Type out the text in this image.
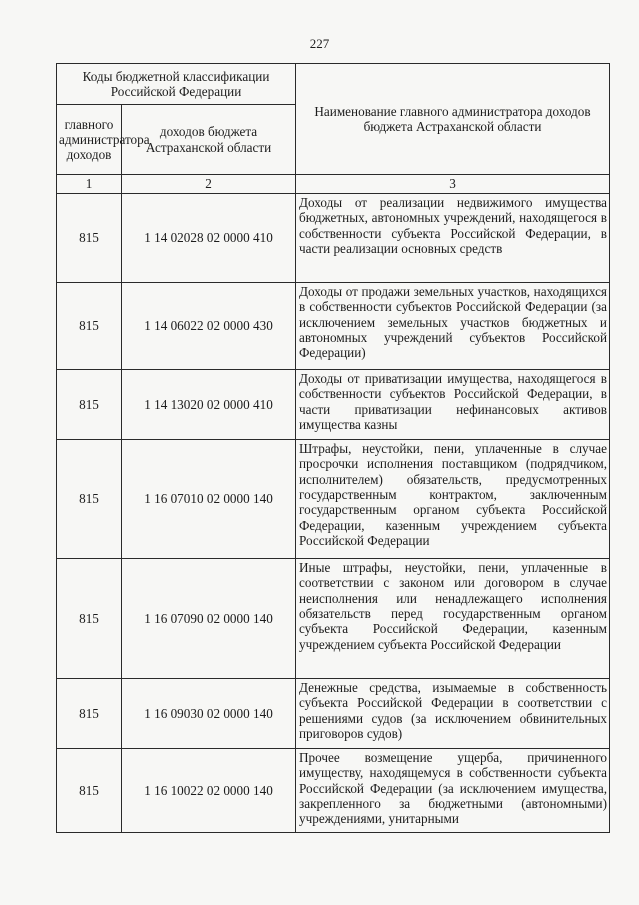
227
Коды бюджетной классификации Российской Федерации		Наименование главного администратора доходов бюджета Астраханской области
главного администратора доходов	доходов бюджета Астраханской области	
1	2	3
815	1 14 02028 02 0000 410	Доходы от реализации недвижимого имущества бюджетных, автономных учреждений, находящегося в собственности субъекта Российской Федерации, в части реализации основных средств
815	1 14 06022 02 0000 430	Доходы от продажи земельных участков, находящихся в собственности субъектов Российской Федерации (за исключением земельных участков бюджетных и автономных учреждений субъектов Российской Федерации)
815	1 14 13020 02 0000 410	Доходы от приватизации имущества, находящегося в собственности субъектов Российской Федерации, в части приватизации нефинансовых активов имущества казны
815	1 16 07010 02 0000 140	Штрафы, неустойки, пени, уплаченные в случае просрочки исполнения поставщиком (подрядчиком, исполнителем) обязательств, предусмотренных государственным контрактом, заключенным государственным органом субъекта Российской Федерации, казенным учреждением субъекта Российской Федерации
815	1 16 07090 02 0000 140	Иные штрафы, неустойки, пени, уплаченные в соответствии с законом или договором в случае неисполнения или ненадлежащего исполнения обязательств перед государственным органом субъекта Российской Федерации, казенным учреждением субъекта Российской Федерации
815	1 16 09030 02 0000 140	Денежные средства, изымаемые в собственность субъекта Российской Федерации в соответствии с решениями судов (за исключением обвинительных приговоров судов)
815	1 16 10022 02 0000 140	Прочее возмещение ущерба, причиненного имуществу, находящемуся в собственности субъекта Российской Федерации (за исключением имущества, закрепленного за бюджетными (автономными) учреждениями, унитарными
